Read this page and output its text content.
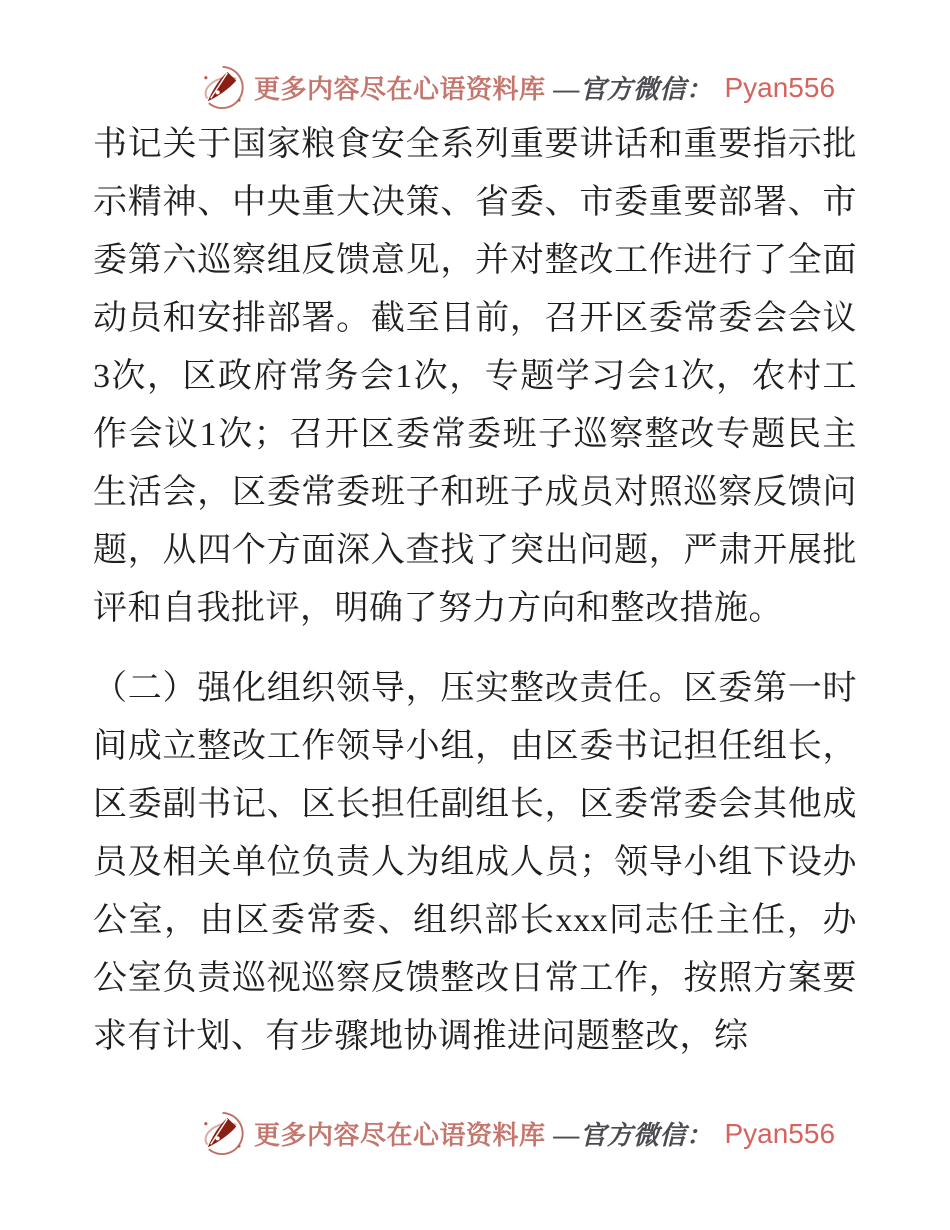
更多内容尽在心语资料库 —官方微信： Pyan556

书记关于国家粮食安全系列重要讲话和重要指示批示精神、中央重大决策、省委、市委重要部署、市委第六巡察组反馈意见，并对整改工作进行了全面动员和安排部署。截至目前，召开区委常委会会议3次，区政府常务会1次，专题学习会1次，农村工作会议1次；召开区委常委班子巡察整改专题民主生活会，区委常委班子和班子成员对照巡察反馈问题，从四个方面深入查找了突出问题，严肃开展批评和自我批评，明确了努力方向和整改措施。

（二）强化组织领导，压实整改责任。区委第一时间成立整改工作领导小组，由区委书记担任组长，区委副书记、区长担任副组长，区委常委会其他成员及相关单位负责人为组成人员；领导小组下设办公室，由区委常委、组织部长xxx同志任主任，办公室负责巡视巡察反馈整改日常工作，按照方案要求有计划、有步骤地协调推进问题整改，综

更多内容尽在心语资料库 —官方微信： Pyan556
